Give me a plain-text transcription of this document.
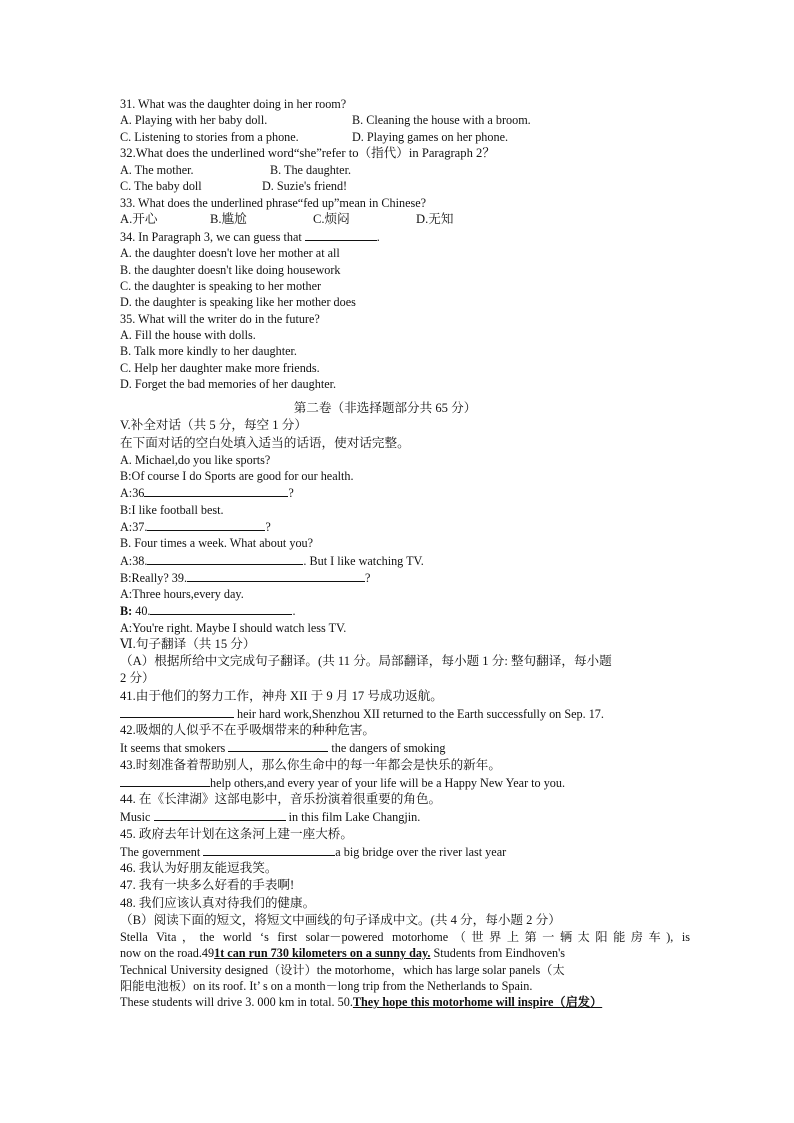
31. What was the daughter doing in her room?
A. Playing with her baby doll.	B. Cleaning the house with a broom.
C. Listening to stories from a phone.	D. Playing games on her phone.
32.What does the underlined word“she”refer to（指代）in Paragraph 2？
A. The mother.	B. The daughter.
C. The baby doll	D. Suzie's friend!
33. What does the underlined phrase“fed up”mean in Chinese?
A.开心	B.尴尬	C.烦闷	D.无知
34. In Paragraph 3, we can guess that	.
A. the daughter doesn't love her mother at all
B. the daughter doesn't like doing housework
C. the daughter is speaking to her mother
D. the daughter is speaking like her mother does
35. What will the writer do in the future?
A. Fill the house with dolls.
B. Talk more kindly to her daughter.
C. Help her daughter make more friends.
D. Forget the bad memories of her daughter.
第二卷（非选择题部分共 65 分）
V.补全对话（共 5 分，每空 1 分）
在下面对话的空白处填入适当的话语，使对话完整。
A. Michael,do you like sports?
B:Of course I do Sports are good for our health.
A:36	?
B:I like football best.
A:37.	?
B. Four times a week. What about you?
A:38.	. But I like watching TV.
B:Really? 39.	?
A:Three hours,every day.
B: 40.	.
A:You're right. Maybe I should watch less TV.
Ⅵ.句子翻译（共 15 分）
（A）根据所给中文完成句子翻译。(共 11 分。局部翻译，每小题 1 分: 整句翻译，每小题
2 分）
41.由于他们的努力工作，神舟 XII 于 9 月 17 号成功返航。
heir hard work,Shenzhou XII returned to the Earth successfully on Sep. 17.
42.吸烟的人似乎不在乎吸烟带来的种种危害。
It seems that smokers	the dangers of smoking
43.时刻准备着帮助别人，那么你生命中的每一年都会是快乐的新年。
help others,and every year of your life will be a Happy New Year to you.
44. 在《长津湖》这部电影中，音乐扮演着很重要的角色。
Music	in this film Lake Changjin.
45. 政府去年计划在这条河上建一座大桥。
The government	a big bridge over the river last year
46. 我认为好朋友能逗我笑。
47. 我有一块多么好看的手表啊!
48. 我们应该认真对待我们的健康。
（B）阅读下面的短文，将短文中画线的句子译成中文。(共 4 分，每小题 2 分）
Stella Vita，the world ‘s first solar－powered motorhome（世界上第一辆太阳能房车), is
now on the road.491t can run 730 kilometers on a sunny day. Students from Eindhoven's
Technical University designed（设计）the motorhome，which has large solar panels（太
阳能电池板）on its roof. It’ s on a month－long trip from the Netherlands to Spain.
These students will drive 3. 000 km in total. 50.They hope this motorhome will inspire（启发）
